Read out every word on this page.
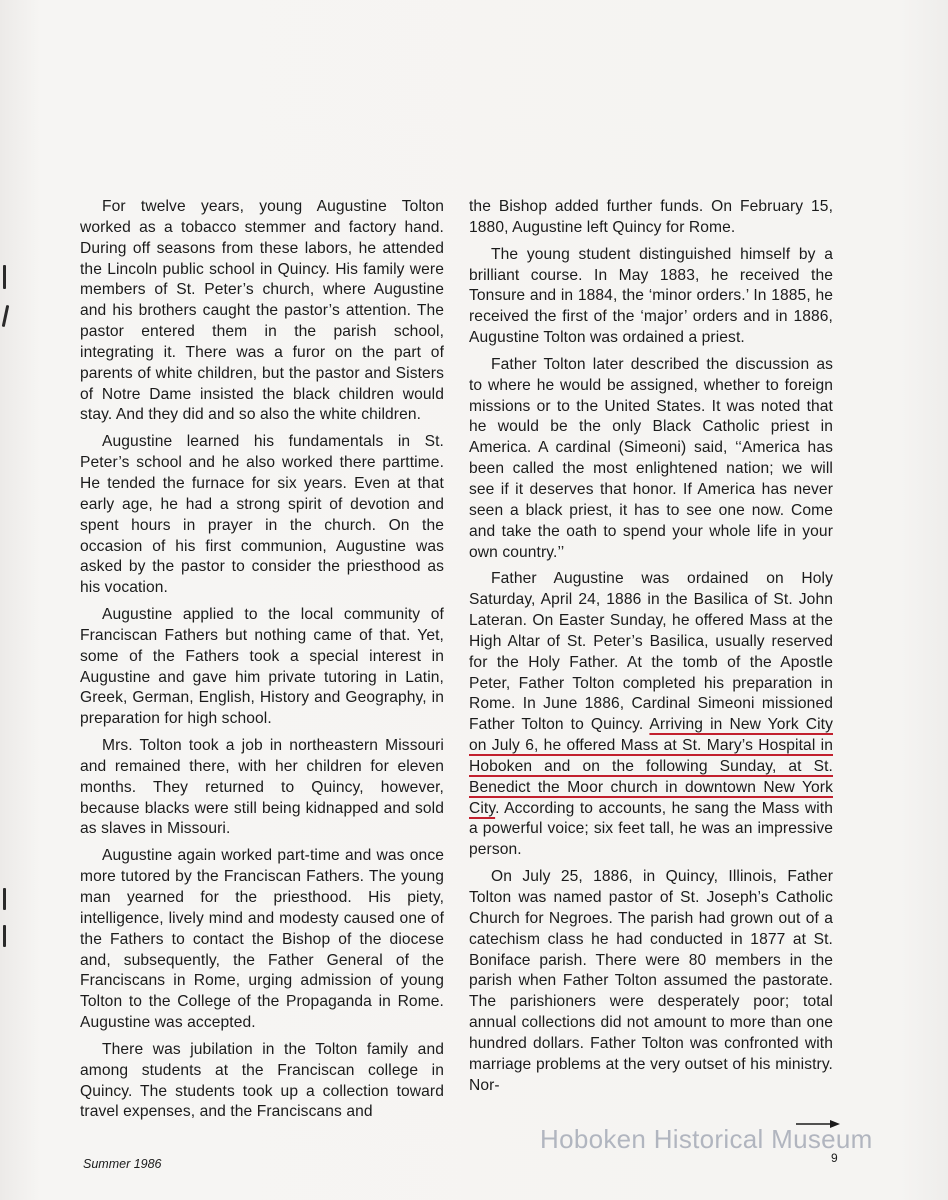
For twelve years, young Augustine Tolton worked as a tobacco stemmer and factory hand. During off seasons from these labors, he attended the Lincoln public school in Quincy. His family were members of St. Peter’s church, where Augustine and his brothers caught the pastor’s attention. The pastor entered them in the parish school, integrating it. There was a furor on the part of parents of white children, but the pastor and Sisters of Notre Dame insisted the black children would stay. And they did and so also the white children.

Augustine learned his fundamentals in St. Peter’s school and he also worked there parttime. He tended the furnace for six years. Even at that early age, he had a strong spirit of devotion and spent hours in prayer in the church. On the occasion of his first communion, Augustine was asked by the pastor to consider the priesthood as his vocation.

Augustine applied to the local community of Franciscan Fathers but nothing came of that. Yet, some of the Fathers took a special interest in Augustine and gave him private tutoring in Latin, Greek, German, English, History and Geography, in preparation for high school.

Mrs. Tolton took a job in northeastern Missouri and remained there, with her children for eleven months. They returned to Quincy, however, because blacks were still being kidnapped and sold as slaves in Missouri.

Augustine again worked part-time and was once more tutored by the Franciscan Fathers. The young man yearned for the priesthood. His piety, intelligence, lively mind and modesty caused one of the Fathers to contact the Bishop of the diocese and, subsequently, the Father General of the Franciscans in Rome, urging admission of young Tolton to the College of the Propaganda in Rome. Augustine was accepted.

There was jubilation in the Tolton family and among students at the Franciscan college in Quincy. The students took up a collection toward travel expenses, and the Franciscans and

the Bishop added further funds. On February 15, 1880, Augustine left Quincy for Rome.

The young student distinguished himself by a brilliant course. In May 1883, he received the Tonsure and in 1884, the ‘minor orders.’ In 1885, he received the first of the ‘major’ orders and in 1886, Augustine Tolton was ordained a priest.

Father Tolton later described the discussion as to where he would be assigned, whether to foreign missions or to the United States. It was noted that he would be the only Black Catholic priest in America. A cardinal (Simeoni) said, ‘‘America has been called the most enlightened nation; we will see if it deserves that honor. If America has never seen a black priest, it has to see one now. Come and take the oath to spend your whole life in your own country.’’

Father Augustine was ordained on Holy Saturday, April 24, 1886 in the Basilica of St. John Lateran. On Easter Sunday, he offered Mass at the High Altar of St. Peter’s Basilica, usually reserved for the Holy Father. At the tomb of the Apostle Peter, Father Tolton completed his preparation in Rome. In June 1886, Cardinal Simeoni missioned Father Tolton to Quincy. Arriving in New York City on July 6, he offered Mass at St. Mary’s Hospital in Hoboken and on the following Sunday, at St. Benedict the Moor church in downtown New York City. According to accounts, he sang the Mass with a powerful voice; six feet tall, he was an impressive person.

On July 25, 1886, in Quincy, Illinois, Father Tolton was named pastor of St. Joseph’s Catholic Church for Negroes. The parish had grown out of a catechism class he had conducted in 1877 at St. Boniface parish. There were 80 members in the parish when Father Tolton assumed the pastorate. The parishioners were desperately poor; total annual collections did not amount to more than one hundred dollars. Father Tolton was confronted with marriage problems at the very outset of his ministry. Nor-

Summer 1986	9
Hoboken Historical Museum
